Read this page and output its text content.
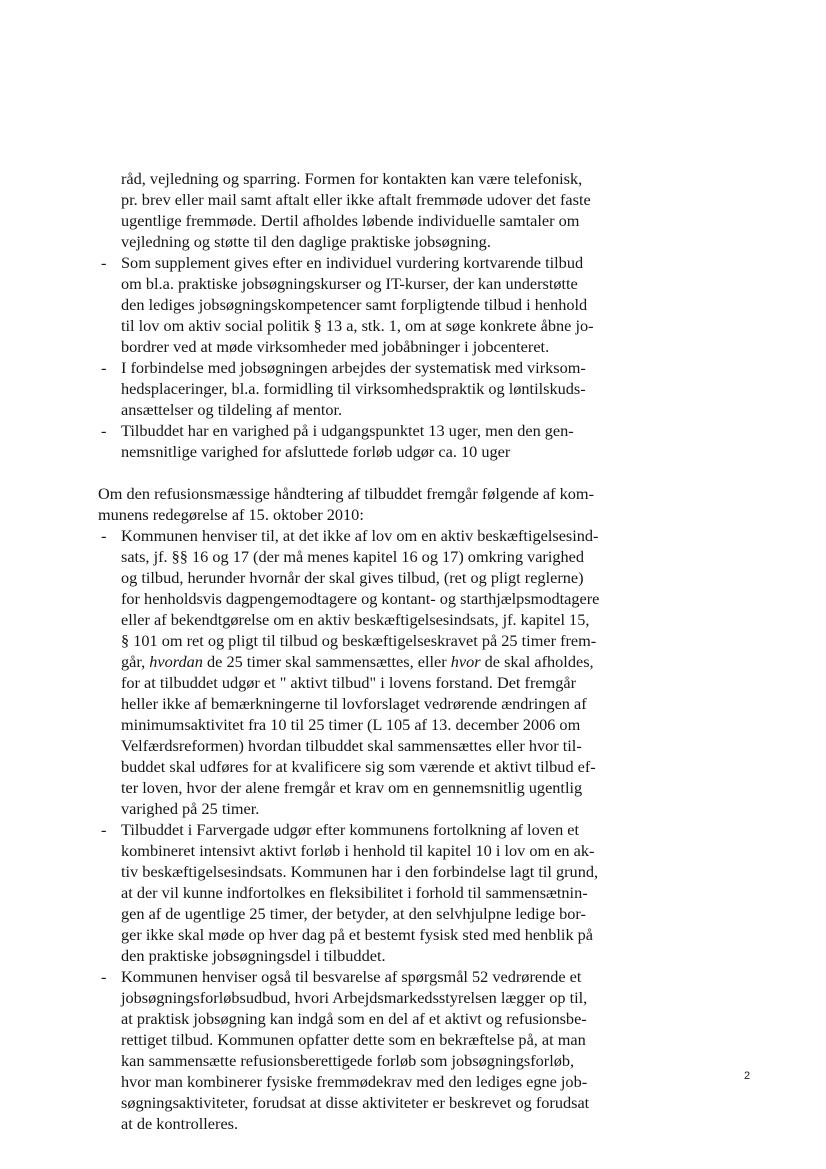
råd, vejledning og sparring. Formen for kontakten kan være telefonisk,
pr. brev eller mail samt aftalt eller ikke aftalt fremmøde udover det faste
ugentlige fremmøde. Dertil afholdes løbende individuelle samtaler om
vejledning og støtte til den daglige praktiske jobsøgning.
- Som supplement gives efter en individuel vurdering kortvarende tilbud
om bl.a. praktiske jobsøgningskurser og IT-kurser, der kan understøtte
den lediges jobsøgningskompetencer samt forpligtende tilbud i henhold
til lov om aktiv social politik § 13 a, stk. 1, om at søge konkrete åbne jo-
bordrer ved at møde virksomheder med jobåbninger i jobcenteret.
- I forbindelse med jobsøgningen arbejdes der systematisk med virksom-
hedsplaceringer, bl.a. formidling til virksomhedspraktik og løntilskuds-
ansættelser og tildeling af mentor.
- Tilbuddet har en varighed på i udgangspunktet 13 uger, men den gen-
nemsnitlige varighed for afsluttede forløb udgør ca. 10 uger
Om den refusionsmæssige håndtering af tilbuddet fremgår følgende af kom-
munens redegørelse af 15. oktober 2010:
- Kommunen henviser til, at det ikke af lov om en aktiv beskæftigelsesind-
sats, jf. §§ 16 og 17 (der må menes kapitel 16 og 17) omkring varighed
og tilbud, herunder hvornår der skal gives tilbud, (ret og pligt reglerne)
for henholdsvis dagpengemodtagere og kontant- og starthjælpsmodtagere
eller af bekendtgørelse om en aktiv beskæftigelsesindsats, jf. kapitel 15,
§ 101 om ret og pligt til tilbud og beskæftigelseskravet på 25 timer frem-
går, hvordan de 25 timer skal sammensættes, eller hvor de skal afholdes,
for at tilbuddet udgør et " aktivt tilbud" i lovens forstand. Det fremgår
heller ikke af bemærkningerne til lovforslaget vedrørende ændringen af
minimumsaktivitet fra 10 til 25 timer (L 105 af 13. december 2006 om
Velfærdsreformen) hvordan tilbuddet skal sammensættes eller hvor til-
buddet skal udføres for at kvalificere sig som værende et aktivt tilbud ef-
ter loven, hvor der alene fremgår et krav om en gennemsnitlig ugentlig
varighed på 25 timer.
- Tilbuddet i Farvergade udgør efter kommunens fortolkning af loven et
kombineret intensivt aktivt forløb i henhold til kapitel 10 i lov om en ak-
tiv beskæftigelsesindsats. Kommunen har i den forbindelse lagt til grund,
at der vil kunne indfortolkes en fleksibilitet i forhold til sammensætnin-
gen af de ugentlige 25 timer, der betyder, at den selvhjulpne ledige bor-
ger ikke skal møde op hver dag på et bestemt fysisk sted med henblik på
den praktiske jobsøgningsdel i tilbuddet.
- Kommunen henviser også til besvarelse af spørgsmål 52 vedrørende et
jobsøgningsforløbsudbud, hvori Arbejdsmarkedsstyrelsen lægger op til,
at praktisk jobsøgning kan indgå som en del af et aktivt og refusionsbe-
rettiget tilbud. Kommunen opfatter dette som en bekræftelse på, at man
kan sammensætte refusionsberettigede forløb som jobsøgningsforløb,
hvor man kombinerer fysiske fremmødekrav med den lediges egne job-
søgningsaktiviteter, forudsat at disse aktiviteter er beskrevet og forudsat
at de kontrolleres.
2
